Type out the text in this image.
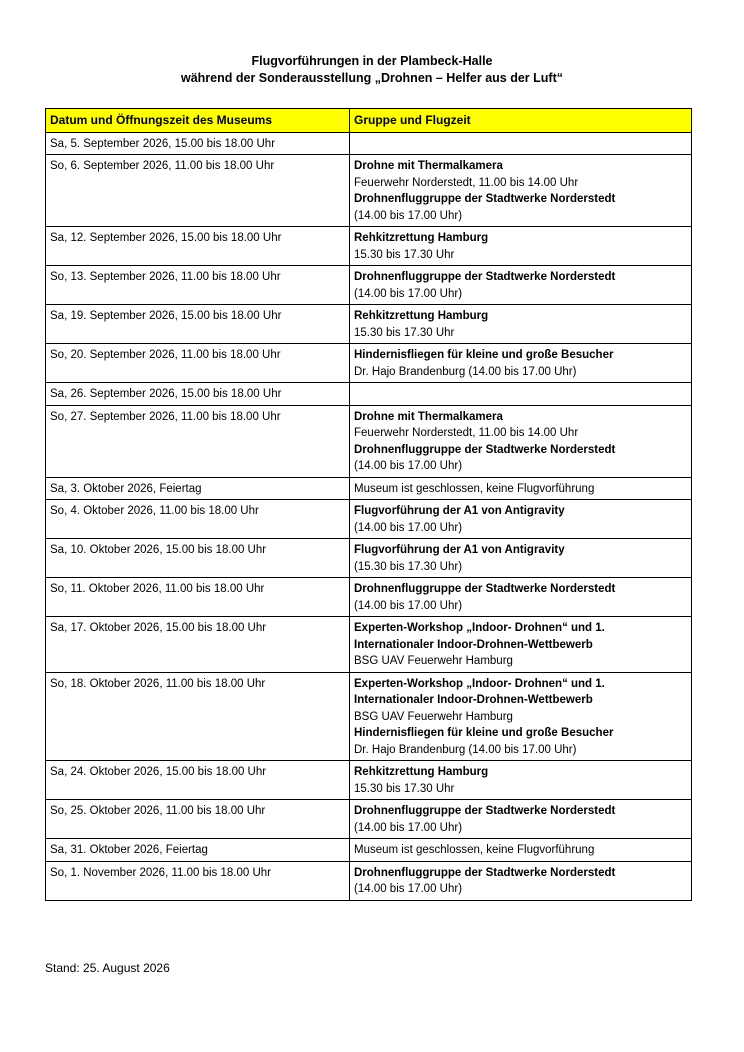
Flugvorführungen in der Plambeck-Halle
während der Sonderausstellung „Drohnen – Helfer aus der Luft“
Datum und Öffnungszeit des Museums	Gruppe und Flugzeit
Sa, 5. September 2026, 15.00 bis 18.00 Uhr	
So, 6. September 2026, 11.00 bis 18.00 Uhr	Drohne mit Thermalkamera
Feuerwehr Norderstedt, 11.00 bis 14.00 Uhr
Drohnenfluggruppe der Stadtwerke Norderstedt
(14.00 bis 17.00 Uhr)

Sa, 12. September 2026, 15.00 bis 18.00 Uhr	Rehkitzrettung Hamburg
15.30 bis 17.30 Uhr

So, 13. September 2026, 11.00 bis 18.00 Uhr	Drohnenfluggruppe der Stadtwerke Norderstedt
(14.00 bis 17.00 Uhr)

Sa, 19. September 2026, 15.00 bis 18.00 Uhr	Rehkitzrettung Hamburg
15.30 bis 17.30 Uhr

So, 20. September 2026, 11.00 bis 18.00 Uhr	Hindernisfliegen für kleine und große Besucher
Dr. Hajo Brandenburg (14.00 bis 17.00 Uhr)

Sa, 26. September 2026, 15.00 bis 18.00 Uhr	
So, 27. September 2026, 11.00 bis 18.00 Uhr	Drohne mit Thermalkamera
Feuerwehr Norderstedt, 11.00 bis 14.00 Uhr
Drohnenfluggruppe der Stadtwerke Norderstedt
(14.00 bis 17.00 Uhr)

Sa, 3. Oktober 2026, Feiertag	Museum ist geschlossen, keine Flugvorführung

So, 4. Oktober 2026, 11.00 bis 18.00 Uhr	Flugvorführung der A1 von Antigravity
(14.00 bis 17.00 Uhr)

Sa, 10. Oktober 2026, 15.00 bis 18.00 Uhr	Flugvorführung der A1 von Antigravity
(15.30 bis 17.30 Uhr)

So, 11. Oktober 2026, 11.00 bis 18.00 Uhr	Drohnenfluggruppe der Stadtwerke Norderstedt
(14.00 bis 17.00 Uhr)

Sa, 17. Oktober 2026, 15.00 bis 18.00 Uhr	Experten-Workshop „Indoor- Drohnen“ und 1.
Internationaler Indoor-Drohnen-Wettbewerb
BSG UAV Feuerwehr Hamburg

So, 18. Oktober 2026, 11.00 bis 18.00 Uhr	Experten-Workshop „Indoor- Drohnen“ und 1.
Internationaler Indoor-Drohnen-Wettbewerb
BSG UAV Feuerwehr Hamburg
Hindernisfliegen für kleine und große Besucher
Dr. Hajo Brandenburg (14.00 bis 17.00 Uhr)

Sa, 24. Oktober 2026, 15.00 bis 18.00 Uhr	Rehkitzrettung Hamburg
15.30 bis 17.30 Uhr

So, 25. Oktober 2026, 11.00 bis 18.00 Uhr	Drohnenfluggruppe der Stadtwerke Norderstedt
(14.00 bis 17.00 Uhr)

Sa, 31. Oktober 2026, Feiertag	Museum ist geschlossen, keine Flugvorführung

So, 1. November 2026, 11.00 bis 18.00 Uhr	Drohnenfluggruppe der Stadtwerke Norderstedt
(14.00 bis 17.00 Uhr)
Stand: 25. August 2026
